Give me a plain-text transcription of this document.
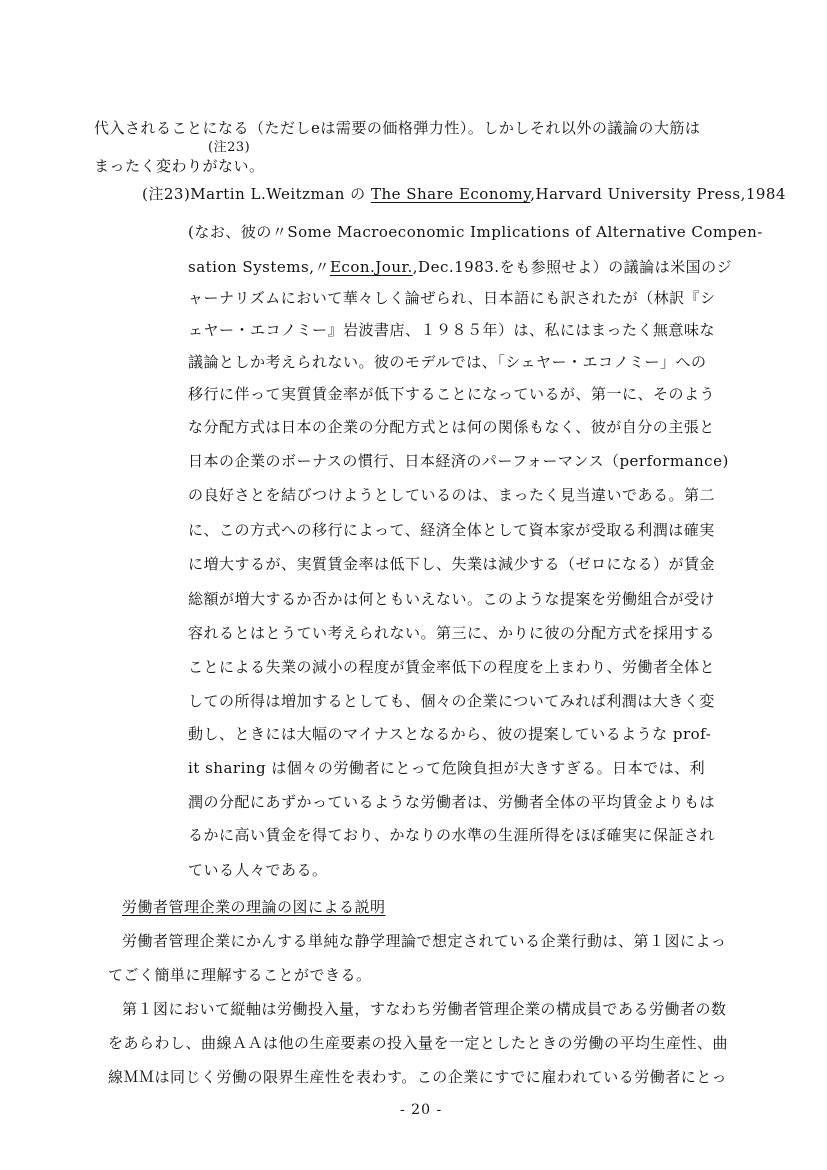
代入されることになる（ただしeは需要の価格弾力性）。しかしそれ以外の議論の大筋は
(注23)
まったく変わりがない。
(注23)Martin L.Weitzman の The Share Economy,Harvard University Press,1984
(なお、彼の〃Some Macroeconomic Implications of Alternative Compen-
sation Systems,〃Econ.Jour.,Dec.1983.をも参照せよ）の議論は米国のジ
ャーナリズムにおいて華々しく論ぜられ、日本語にも訳されたが（林訳『シ
ェヤー・エコノミー』岩波書店、１９８５年）は、私にはまったく無意味な
議論としか考えられない。彼のモデルでは、「シェヤー・エコノミー」への
移行に伴って実質賃金率が低下することになっているが、第一に、そのよう
な分配方式は日本の企業の分配方式とは何の関係もなく、彼が自分の主張と
日本の企業のボーナスの慣行、日本経済のパーフォーマンス（performance)
の良好さとを結びつけようとしているのは、まったく見当違いである。第二
に、この方式への移行によって、経済全体として資本家が受取る利潤は確実
に増大するが、実質賃金率は低下し、失業は減少する（ゼロになる）が賃金
総額が増大するか否かは何ともいえない。このような提案を労働組合が受け
容れるとはとうてい考えられない。第三に、かりに彼の分配方式を採用する
ことによる失業の減小の程度が賃金率低下の程度を上まわり、労働者全体と
しての所得は増加するとしても、個々の企業についてみれば利潤は大きく変
動し、ときには大幅のマイナスとなるから、彼の提案しているような prof-
it sharing は個々の労働者にとって危険負担が大きすぎる。日本では、利
潤の分配にあずかっているような労働者は、労働者全体の平均賃金よりもは
るかに高い賃金を得ており、かなりの水準の生涯所得をほぼ確実に保証され
ている人々である。
労働者管理企業の理論の図による説明
労働者管理企業にかんする単純な静学理論で想定されている企業行動は、第１図によっ
てごく簡単に理解することができる。
第１図において縦軸は労働投入量，すなわち労働者管理企業の構成員である労働者の数
をあらわし、曲線ＡＡは他の生産要素の投入量を一定としたときの労働の平均生産性、曲
線ＭＭは同じく労働の限界生産性を表わす。この企業にすでに雇われている労働者にとっ
- 20 -
